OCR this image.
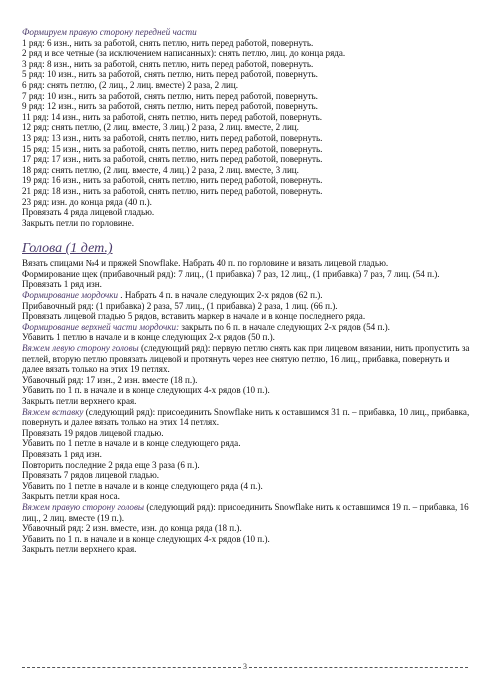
Формируем правую сторону передней части
1 ряд: 6 изн., нить за работой, снять петлю, нить перед работой, повернуть.
2 ряд и все четные (за исключением написанных): снять петлю, лиц. до конца ряда.
3 ряд: 8 изн., нить за работой, снять петлю, нить перед работой, повернуть.
5 ряд: 10 изн., нить за работой, снять петлю, нить перед работой, повернуть.
6 ряд: снять петлю, (2 лиц., 2 лиц. вместе) 2 раза, 2 лиц.
7 ряд: 10 изн., нить за работой, снять петлю, нить перед работой, повернуть.
9 ряд: 12 изн., нить за работой, снять петлю, нить перед работой, повернуть.
11 ряд: 14 изн., нить за работой, снять петлю, нить перед работой, повернуть.
12 ряд: снять петлю, (2 лиц. вместе, 3 лиц.) 2 раза, 2 лиц. вместе, 2 лиц.
13 ряд: 13 изн., нить за работой, снять петлю, нить перед работой, повернуть.
15 ряд: 15 изн., нить за работой, снять петлю, нить перед работой, повернуть.
17 ряд: 17 изн., нить за работой, снять петлю, нить перед работой, повернуть.
18 ряд: снять петлю, (2 лиц. вместе, 4 лиц.) 2 раза, 2 лиц. вместе, 3 лиц.
19 ряд: 16 изн., нить за работой, снять петлю, нить перед работой, повернуть.
21 ряд: 18 изн., нить за работой, снять петлю, нить перед работой, повернуть.
23 ряд: изн. до конца ряда (40 п.).
Провязать 4 ряда лицевой гладью.
Закрыть петли по горловине.
Голова (1 дет.)
Вязать спицами №4 и пряжей Snowflake. Набрать 40 п. по горловине и вязать лицевой гладью.
Формирование щек (прибавочный ряд): 7 лиц., (1 прибавка) 7 раз, 12 лиц., (1 прибавка) 7 раз, 7 лиц. (54 п.).
Провязать 1 ряд изн.
Формирование мордочки . Набрать 4 п. в начале следующих 2-х рядов (62 п.).
Прибавочный ряд: (1 прибавка) 2 раза, 57 лиц., (1 прибавка) 2 раза, 1 лиц. (66 п.).
Провязать лицевой гладью 5 рядов, вставить маркер в начале и в конце последнего ряда.
Формирование верхней части мордочки: закрыть по 6 п. в начале следующих 2-х рядов (54 п.).
Убавить 1 петлю в начале и в конце следующих 2-х рядов (50 п.).
Вяжем левую сторону головы (следующий ряд): первую петлю снять как при лицевом вязании, нить пропустить за петлей, вторую петлю провязать лицевой и протянуть через нее снятую петлю, 16 лиц., прибавка, повернуть и далее вязать только на этих 19 петлях.
Убавочный ряд: 17 изн., 2 изн. вместе (18 п.).
Убавить по 1 п. в начале и в конце следующих 4-х рядов (10 п.).
Закрыть петли верхнего края.
Вяжем вставку (следующий ряд): присоединить Snowflake нить к оставшимся 31 п. – прибавка, 10 лиц., прибавка, повернуть и далее вязать только на этих 14 петлях.
Провязать 19 рядов лицевой гладью.
Убавить по 1 петле в начале и в конце следующего ряда.
Провязать 1 ряд изн.
Повторить последние 2 ряда еще 3 раза (6 п.).
Провязать 7 рядов лицевой гладью.
Убавить по 1 петле в начале и в конце следующего ряда (4 п.).
Закрыть петли края носа.
Вяжем правую сторону головы (следующий ряд): присоединить Snowflake нить к оставшимся 19 п. – прибавка, 16 лиц., 2 лиц. вместе (19 п.).
Убавочный ряд: 2 изн. вместе, изн. до конца ряда (18 п.).
Убавить по 1 п. в начале и в конце следующих 4-х рядов (10 п.).
Закрыть петли верхнего края.
3
